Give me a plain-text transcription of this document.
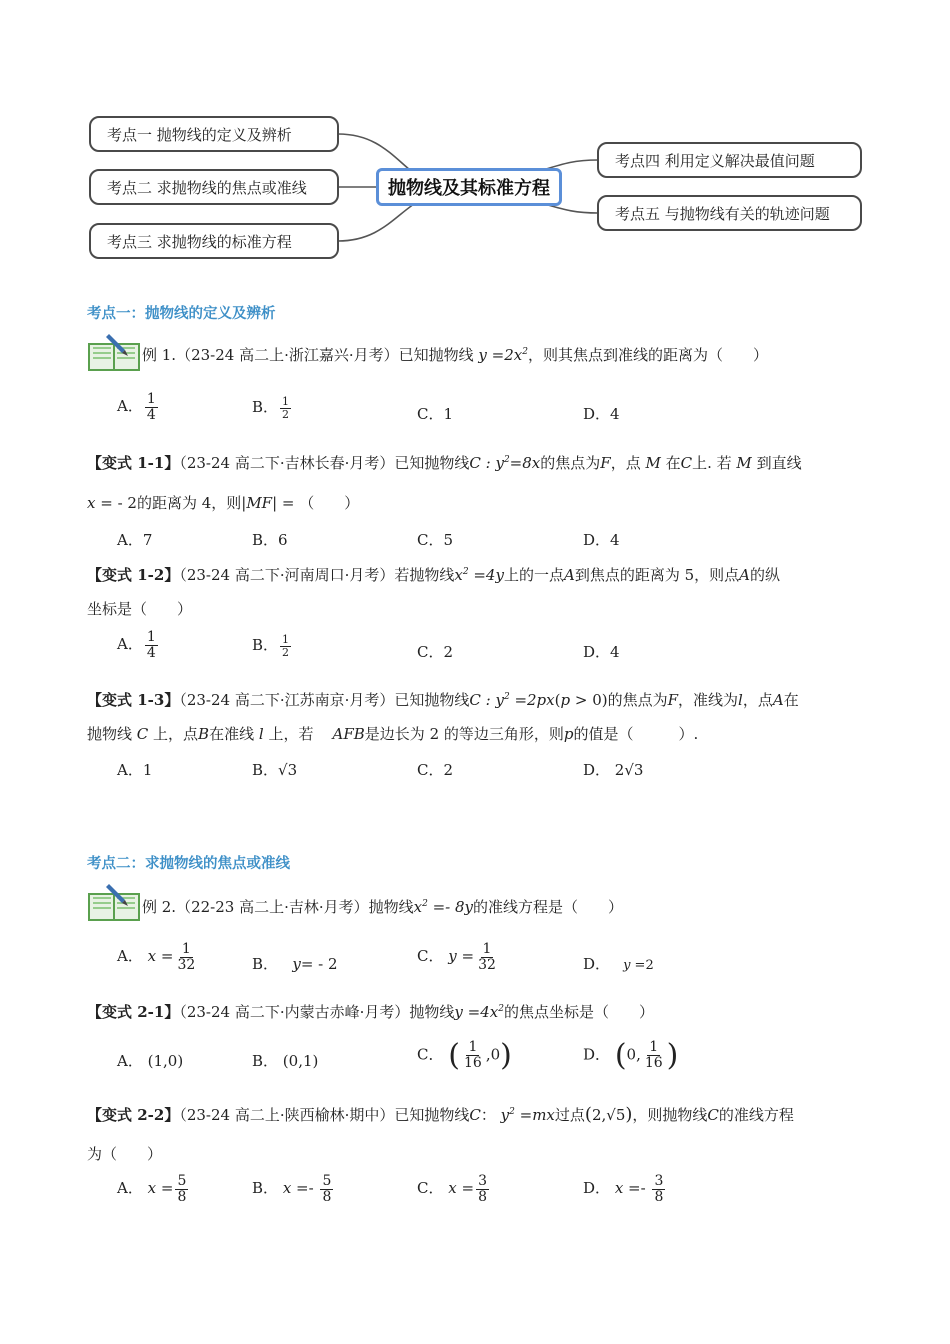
考点一 抛物线的定义及辨析
考点二 求抛物线的焦点或准线
考点三 求抛物线的标准方程
抛物线及其标准方程
考点四 利用定义解决最值问题
考点五 与抛物线有关的轨迹问题
考点一：抛物线的定义及辨析
例 1.（23-24 高二上·浙江嘉兴·月考）已知抛物线 $y =2x^2$，则其焦点到准线的距离为（　　）
A． $\frac{1}{4}$	B． $\frac{1}{2}$	C．1	D．4
【变式 1-1】（23-24 高二下·吉林长春·月考）已知抛物线C : $y^2=8x$的焦点为F，点 M 在C上. 若 M 到直线
x = - 2的距离为 4，则|MF| = （　　）
A．7	B．6	C．5	D．4
【变式 1-2】（23-24 高二下·河南周口·月考）若抛物线$x^2 =4y$上的一点A到焦点的距离为 5，则点A的纵
坐标是（　　）
A． $\frac{1}{4}$	B． $\frac{1}{2}$	C．2	D．4
【变式 1-3】（23-24 高二下·江苏南京·月考）已知抛物线C : $y^2 =2px(p > 0)$的焦点为F，准线为l，点A在
抛物线 C 上，点B在准线 l 上，若    AFB是边长为 2 的等边三角形，则p的值是（　　　）.
A．1	B．√3	C．2	D． 2√3
考点二：求抛物线的焦点或准线
例 2.（22-23 高二上·吉林·月考）抛物线$x^2 =- 8y$的准线方程是（　　）
A． $x = \frac{1}{32}$	B．   y= - 2	C． $y = \frac{1}{32}$	D．   y =2
【变式 2-1】（23-24 高二下·内蒙古赤峰·月考）抛物线$y =4x^2$的焦点坐标是（　　）
A． (1,0)	B． (0,1)	C． ( $\frac{1}{16} ,0$)	D． (0, $\frac{1}{16}$ )
【变式 2-2】（23-24 高二上·陕西榆林·期中）已知抛物线C： $y^2 =mx$过点(2,√5)，则抛物线C的准线方程
为（　　）
A． $x = \frac{5}{8}$	B． $x =- \frac{5}{8}$	C． $x = \frac{3}{8}$	D． $x =- \frac{3}{8}$
